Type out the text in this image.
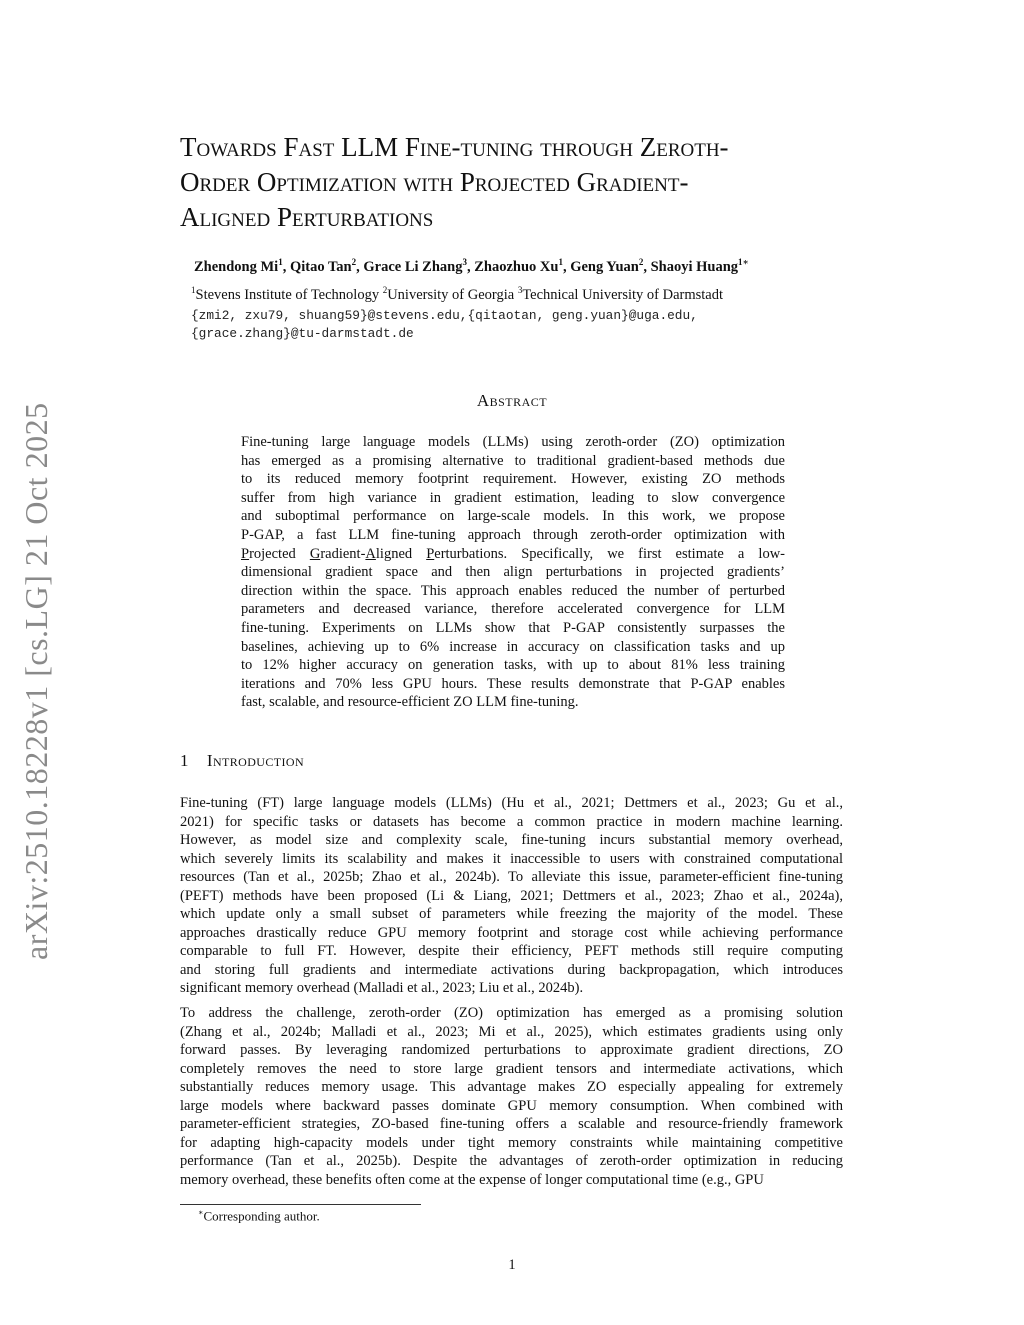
arXiv:2510.18228v1 [cs.LG] 21 Oct 2025
Towards Fast LLM Fine-tuning through Zeroth-
Order Optimization with Projected Gradient-
Aligned Perturbations

Zhendong Mi$^1$, Qitao Tan$^2$, Grace Li Zhang$^3$, Zhaozhuo Xu$^1$, Geng Yuan$^2$, Shaoyi Huang$^{1∗}$

$^1$Stevens Institute of Technology $^2$University of Georgia $^3$Technical University of Darmstadt

{zmi2, zxu79, shuang59}@stevens.edu,{qitaotan, geng.yuan}@uga.edu,
{grace.zhang}@tu-darmstadt.de

Abstract

Fine-tuning large language models (LLMs) using zeroth-order (ZO) optimization
has emerged as a promising alternative to traditional gradient-based methods due
to its reduced memory footprint requirement. However, existing ZO methods
suffer from high variance in gradient estimation, leading to slow convergence
and suboptimal performance on large-scale models. In this work, we propose
P-GAP, a fast LLM fine-tuning approach through zeroth-order optimization with
Projected Gradient-Aligned Perturbations. Specifically, we first estimate a low-
dimensional gradient space and then align perturbations in projected gradients’
direction within the space. This approach enables reduced the number of perturbed
parameters and decreased variance, therefore accelerated convergence for LLM
fine-tuning. Experiments on LLMs show that P-GAP consistently surpasses the
baselines, achieving up to 6% increase in accuracy on classification tasks and up
to 12% higher accuracy on generation tasks, with up to about 81% less training
iterations and 70% less GPU hours. These results demonstrate that P-GAP enables
fast, scalable, and resource-efficient ZO LLM fine-tuning.

1 Introduction

Fine-tuning (FT) large language models (LLMs) (Hu et al., 2021; Dettmers et al., 2023; Gu et al.,
2021) for specific tasks or datasets has become a common practice in modern machine learning.
However, as model size and complexity scale, fine-tuning incurs substantial memory overhead,
which severely limits its scalability and makes it inaccessible to users with constrained computational
resources (Tan et al., 2025b; Zhao et al., 2024b). To alleviate this issue, parameter-efficient fine-tuning
(PEFT) methods have been proposed (Li & Liang, 2021; Dettmers et al., 2023; Zhao et al., 2024a),
which update only a small subset of parameters while freezing the majority of the model. These
approaches drastically reduce GPU memory footprint and storage cost while achieving performance
comparable to full FT. However, despite their efficiency, PEFT methods still require computing
and storing full gradients and intermediate activations during backpropagation, which introduces
significant memory overhead (Malladi et al., 2023; Liu et al., 2024b).

To address the challenge, zeroth-order (ZO) optimization has emerged as a promising solution
(Zhang et al., 2024b; Malladi et al., 2023; Mi et al., 2025), which estimates gradients using only
forward passes. By leveraging randomized perturbations to approximate gradient directions, ZO
completely removes the need to store large gradient tensors and intermediate activations, which
substantially reduces memory usage. This advantage makes ZO especially appealing for extremely
large models where backward passes dominate GPU memory consumption. When combined with
parameter-efficient strategies, ZO-based fine-tuning offers a scalable and resource-friendly framework
for adapting high-capacity models under tight memory constraints while maintaining competitive
performance (Tan et al., 2025b). Despite the advantages of zeroth-order optimization in reducing
memory overhead, these benefits often come at the expense of longer computational time (e.g., GPU

∗Corresponding author.

1
